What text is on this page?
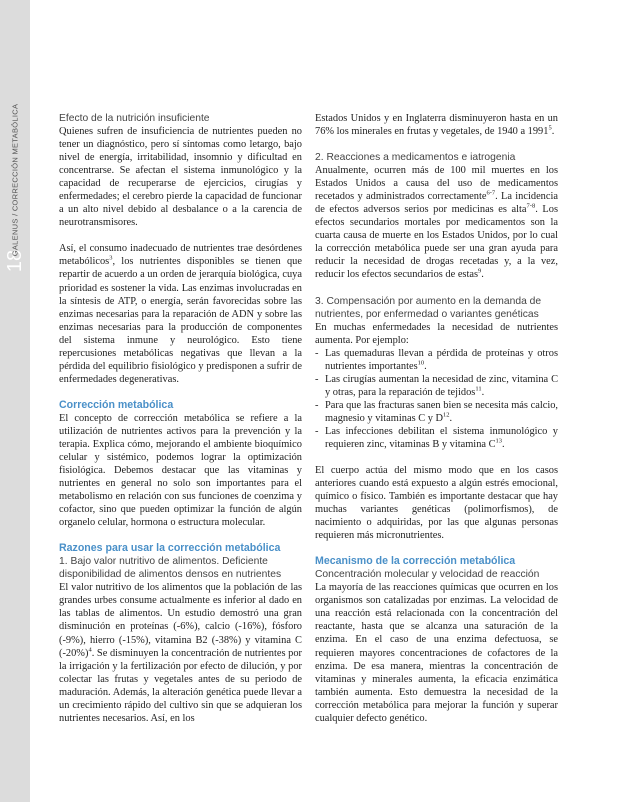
18
GALENUS / CORRECCIÓN METABÓLICA	Efecto de la nutrición insuficiente

Quienes sufren de insuficiencia de nutrientes pueden no tener un diagnóstico, pero sí síntomas como letargo, bajo nivel de energía, irritabilidad, insomnio y dificultad en concentrarse. Se afectan el sistema inmunológico y la capacidad de recuperarse de ejercicios, cirugías y enfermedades; el cerebro pierde la capacidad de funcionar a un alto nivel debido al desbalance o a la carencia de neurotransmisores.

Así, el consumo inadecuado de nutrientes trae desórdenes metabólicos$^3$, los nutrientes disponibles se tienen que repartir de acuerdo a un orden de jerarquía biológica, cuya prioridad es sostener la vida. Las enzimas involucradas en la síntesis de ATP, o energía, serán favorecidas sobre las enzimas necesarias para la reparación de ADN y sobre las enzimas necesarias para la producción de componentes del sistema inmune y neurológico. Esto tiene repercusiones metabólicas negativas que llevan a la pérdida del equilibrio fisiológico y predisponen a sufrir de enfermedades degenerativas.

Corrección metabólica

El concepto de corrección metabólica se refiere a la utilización de nutrientes activos para la prevención y la terapia. Explica cómo, mejorando el ambiente bioquímico celular y sistémico, podemos lograr la optimización fisiológica. Debemos destacar que las vitaminas y nutrientes en general no solo son importantes para el metabolismo en relación con sus funciones de coenzima y cofactor, sino que pueden optimizar la función de algún organelo celular, hormona o estructura molecular.

Razones para usar la corrección metabólica

1. Bajo valor nutritivo de alimentos. Deficiente disponibilidad de alimentos densos en nutrientes

El valor nutritivo de los alimentos que la población de las grandes urbes consume actualmente es inferior al dado en las tablas de alimentos. Un estudio demostró una gran disminución en proteínas (-6%), calcio (-16%), fósforo (-9%), hierro (-15%), vitamina B2 (-38%) y vitamina C $(-20\%)^4$. Se disminuyen la concentración de nutrientes por la irrigación y la fertilización por efecto de dilución, y por colectar las frutas y vegetales antes de su periodo de maduración. Además, la alteración genética puede llevar a un crecimiento rápido del cultivo sin que se adquieran los nutrientes necesarios. Así, en los

Estados Unidos y en Inglaterra disminuyeron hasta en un 76% los minerales en frutas y vegetales, de 1940 a 1991$^5$.

2. Reacciones a medicamentos e iatrogenia

Anualmente, ocurren más de 100 mil muertes en los Estados Unidos a causa del uso de medicamentos recetados y administrados correctamente$^{6-7}$. La incidencia de efectos adversos serios por medicinas es alta$^{7-8}$. Los efectos secundarios mortales por medicamentos son la cuarta causa de muerte en los Estados Unidos, por lo cual la corrección metabólica puede ser una gran ayuda para reducir la necesidad de drogas recetadas y, a la vez, reducir los efectos secundarios de estas$^9$.

3. Compensación por aumento en la demanda de nutrientes, por enfermedad o variantes genéticas

En muchas enfermedades la necesidad de nutrientes aumenta. Por ejemplo:

- Las quemaduras llevan a pérdida de proteínas y otros nutrientes importantes$^{10}$.
- Las cirugías aumentan la necesidad de zinc, vitamina C y otras, para la reparación de tejidos$^{11}$.
- Para que las fracturas sanen bien se necesita más calcio, magnesio y vitaminas C y $D^{12}$.
- Las infecciones debilitan el sistema inmunológico y requieren zinc, vitaminas B y vitamina $C^{13}$.

El cuerpo actúa del mismo modo que en los casos anteriores cuando está expuesto a algún estrés emocional, químico o físico. También es importante destacar que hay muchas variantes genéticas (polimorfismos), de nacimiento o adquiridas, por las que algunas personas requieren más micronutrientes.

Mecanismo de la corrección metabólica

Concentración molecular y velocidad de reacción

La mayoría de las reacciones químicas que ocurren en los organismos son catalizadas por enzimas. La velocidad de una reacción está relacionada con la concentración del reactante, hasta que se alcanza una saturación de la enzima. En el caso de una enzima defectuosa, se requieren mayores concentraciones de cofactores de la enzima. De esa manera, mientras la concentración de vitaminas y minerales aumenta, la eficacia enzimática también aumenta. Esto demuestra la necesidad de la corrección metabólica para mejorar la función y superar cualquier defecto genético.
